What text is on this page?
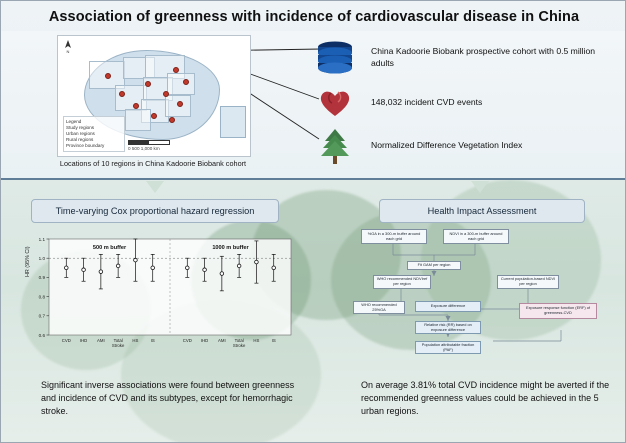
Association of greenness with incidence of cardiovascular disease in China
N
Legend
Study regions
Urban regions
Rural regions
Province boundary
0 500 1,000 km
Locations of 10 regions in China Kadoorie Biobank cohort
China Kadoorie Biobank prospective cohort with 0.5 million adults
148,032 incident CVD events
Normalized Difference Vegetation Index
Time-varying Cox proportional hazard regression	Health Impact Assessment
HR (95% CI)
0.6
0.7
0.8
0.9
1.0
1.1
500 m buffer
CVD IHD AMI Total
Stroke
HS	IS
1000 m buffer
CVD IHD AMI Total
Stroke
HS	IS
%GA in a 300-m buffer around each grid
NDVI in a 300-m buffer around each grid
Fit GAM per region
WHO recommended NDVIref per region
Current population-based NDVI per region
WHO recommended 25%GA
Exposure difference	Exposure response function (ERF) of greenness-CVD
Relative risk (RR) based on exposure difference
Population attributable fraction (PAF)
Significant inverse associations were found between greenness and incidence of CVD and its subtypes, except for hemorrhagic stroke.
On average 3.81% total CVD incidence might be averted if the recommended greenness values could be achieved in the 5 urban regions.
